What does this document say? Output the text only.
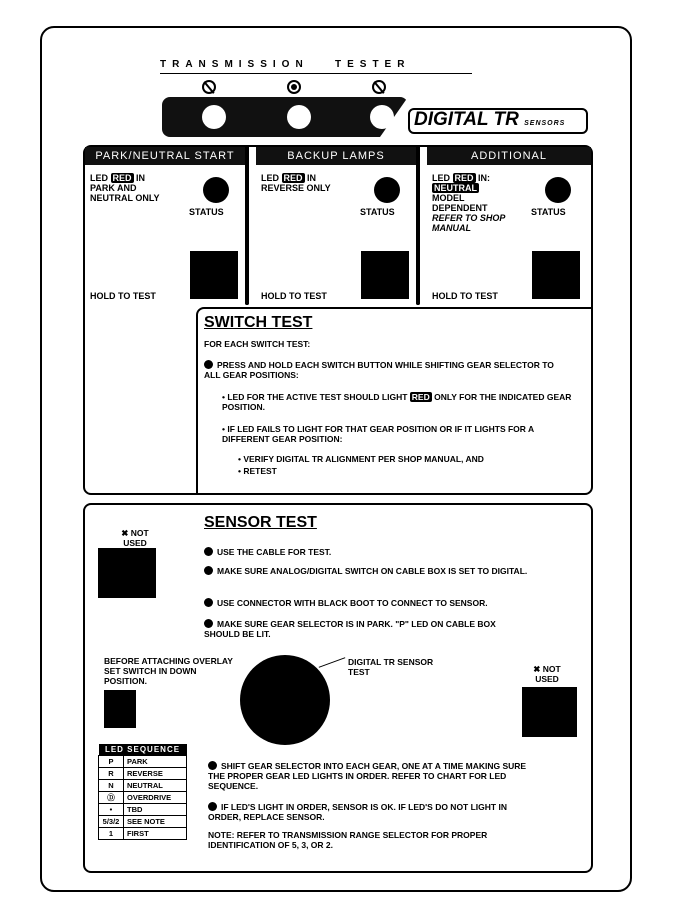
TRANSMISSION   TESTER
DIGITAL TR SENSORS
PARK/NEUTRAL START
LED RED IN
PARK AND NEUTRAL ONLY
STATUS
HOLD TO TEST
BACKUP LAMPS
LED RED IN
REVERSE ONLY
STATUS
HOLD TO TEST
ADDITIONAL
LED RED IN:
NEUTRAL
MODEL DEPENDENT
REFER TO SHOP MANUAL
STATUS
HOLD TO TEST
SWITCH TEST
FOR EACH SWITCH TEST:
PRESS AND HOLD EACH SWITCH BUTTON WHILE SHIFTING GEAR SELECTOR TO ALL GEAR POSITIONS:
• LED FOR THE ACTIVE TEST SHOULD LIGHT RED ONLY FOR THE INDICATED GEAR POSITION.
• IF LED FAILS TO LIGHT FOR THAT GEAR POSITION OR IF IT LIGHTS FOR A DIFFERENT GEAR POSITION:
• VERIFY DIGITAL TR ALIGNMENT PER SHOP MANUAL, AND
• RETEST
SENSOR TEST
✖ NOT USED
USE THE CABLE FOR TEST.
MAKE SURE ANALOG/DIGITAL SWITCH ON CABLE BOX IS SET TO DIGITAL.
USE CONNECTOR WITH BLACK BOOT TO CONNECT TO SENSOR.
MAKE SURE GEAR SELECTOR IS IN PARK. "P" LED ON CABLE BOX SHOULD BE LIT.
BEFORE ATTACHING OVERLAY SET SWITCH IN DOWN POSITION.
DIGITAL TR SENSOR TEST	✖ NOT USED
LED SEQUENCE	
P	PARK
R	REVERSE
N	NEUTRAL
Ⓓ	OVERDRIVE
•	TBD
5/3/2	SEE NOTE
1	FIRST
SHIFT GEAR SELECTOR INTO EACH GEAR, ONE AT A TIME MAKING SURE THE PROPER GEAR LED LIGHTS IN ORDER. REFER TO CHART FOR LED SEQUENCE.
IF LED'S LIGHT IN ORDER, SENSOR IS OK. IF LED'S DO NOT LIGHT IN ORDER, REPLACE SENSOR.
NOTE: REFER TO TRANSMISSION RANGE SELECTOR FOR PROPER IDENTIFICATION OF 5, 3, OR 2.
